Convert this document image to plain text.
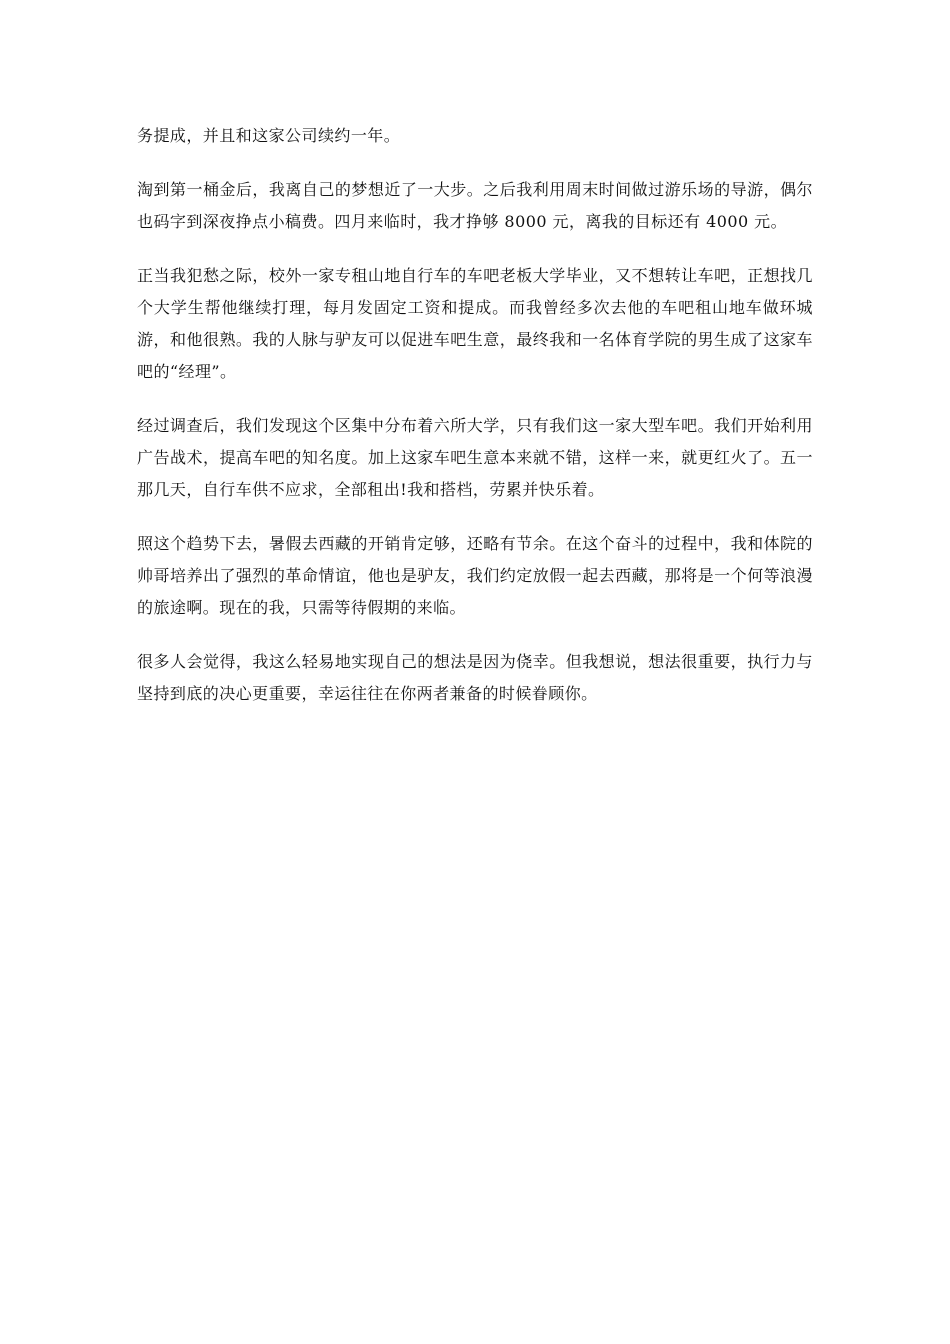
务提成，并且和这家公司续约一年。

淘到第一桶金后，我离自己的梦想近了一大步。之后我利用周末时间做过游乐场的导游，偶尔也码字到深夜挣点小稿费。四月来临时，我才挣够 8000 元，离我的目标还有 4000 元。

正当我犯愁之际，校外一家专租山地自行车的车吧老板大学毕业，又不想转让车吧，正想找几个大学生帮他继续打理，每月发固定工资和提成。而我曾经多次去他的车吧租山地车做环城游，和他很熟。我的人脉与驴友可以促进车吧生意，最终我和一名体育学院的男生成了这家车吧的“经理”。

经过调查后，我们发现这个区集中分布着六所大学，只有我们这一家大型车吧。我们开始利用广告战术，提高车吧的知名度。加上这家车吧生意本来就不错，这样一来，就更红火了。五一那几天，自行车供不应求，全部租出!我和搭档，劳累并快乐着。

照这个趋势下去，暑假去西藏的开销肯定够，还略有节余。在这个奋斗的过程中，我和体院的帅哥培养出了强烈的革命情谊，他也是驴友，我们约定放假一起去西藏，那将是一个何等浪漫的旅途啊。现在的我，只需等待假期的来临。

很多人会觉得，我这么轻易地实现自己的想法是因为侥幸。但我想说，想法很重要，执行力与坚持到底的决心更重要，幸运往往在你两者兼备的时候眷顾你。
